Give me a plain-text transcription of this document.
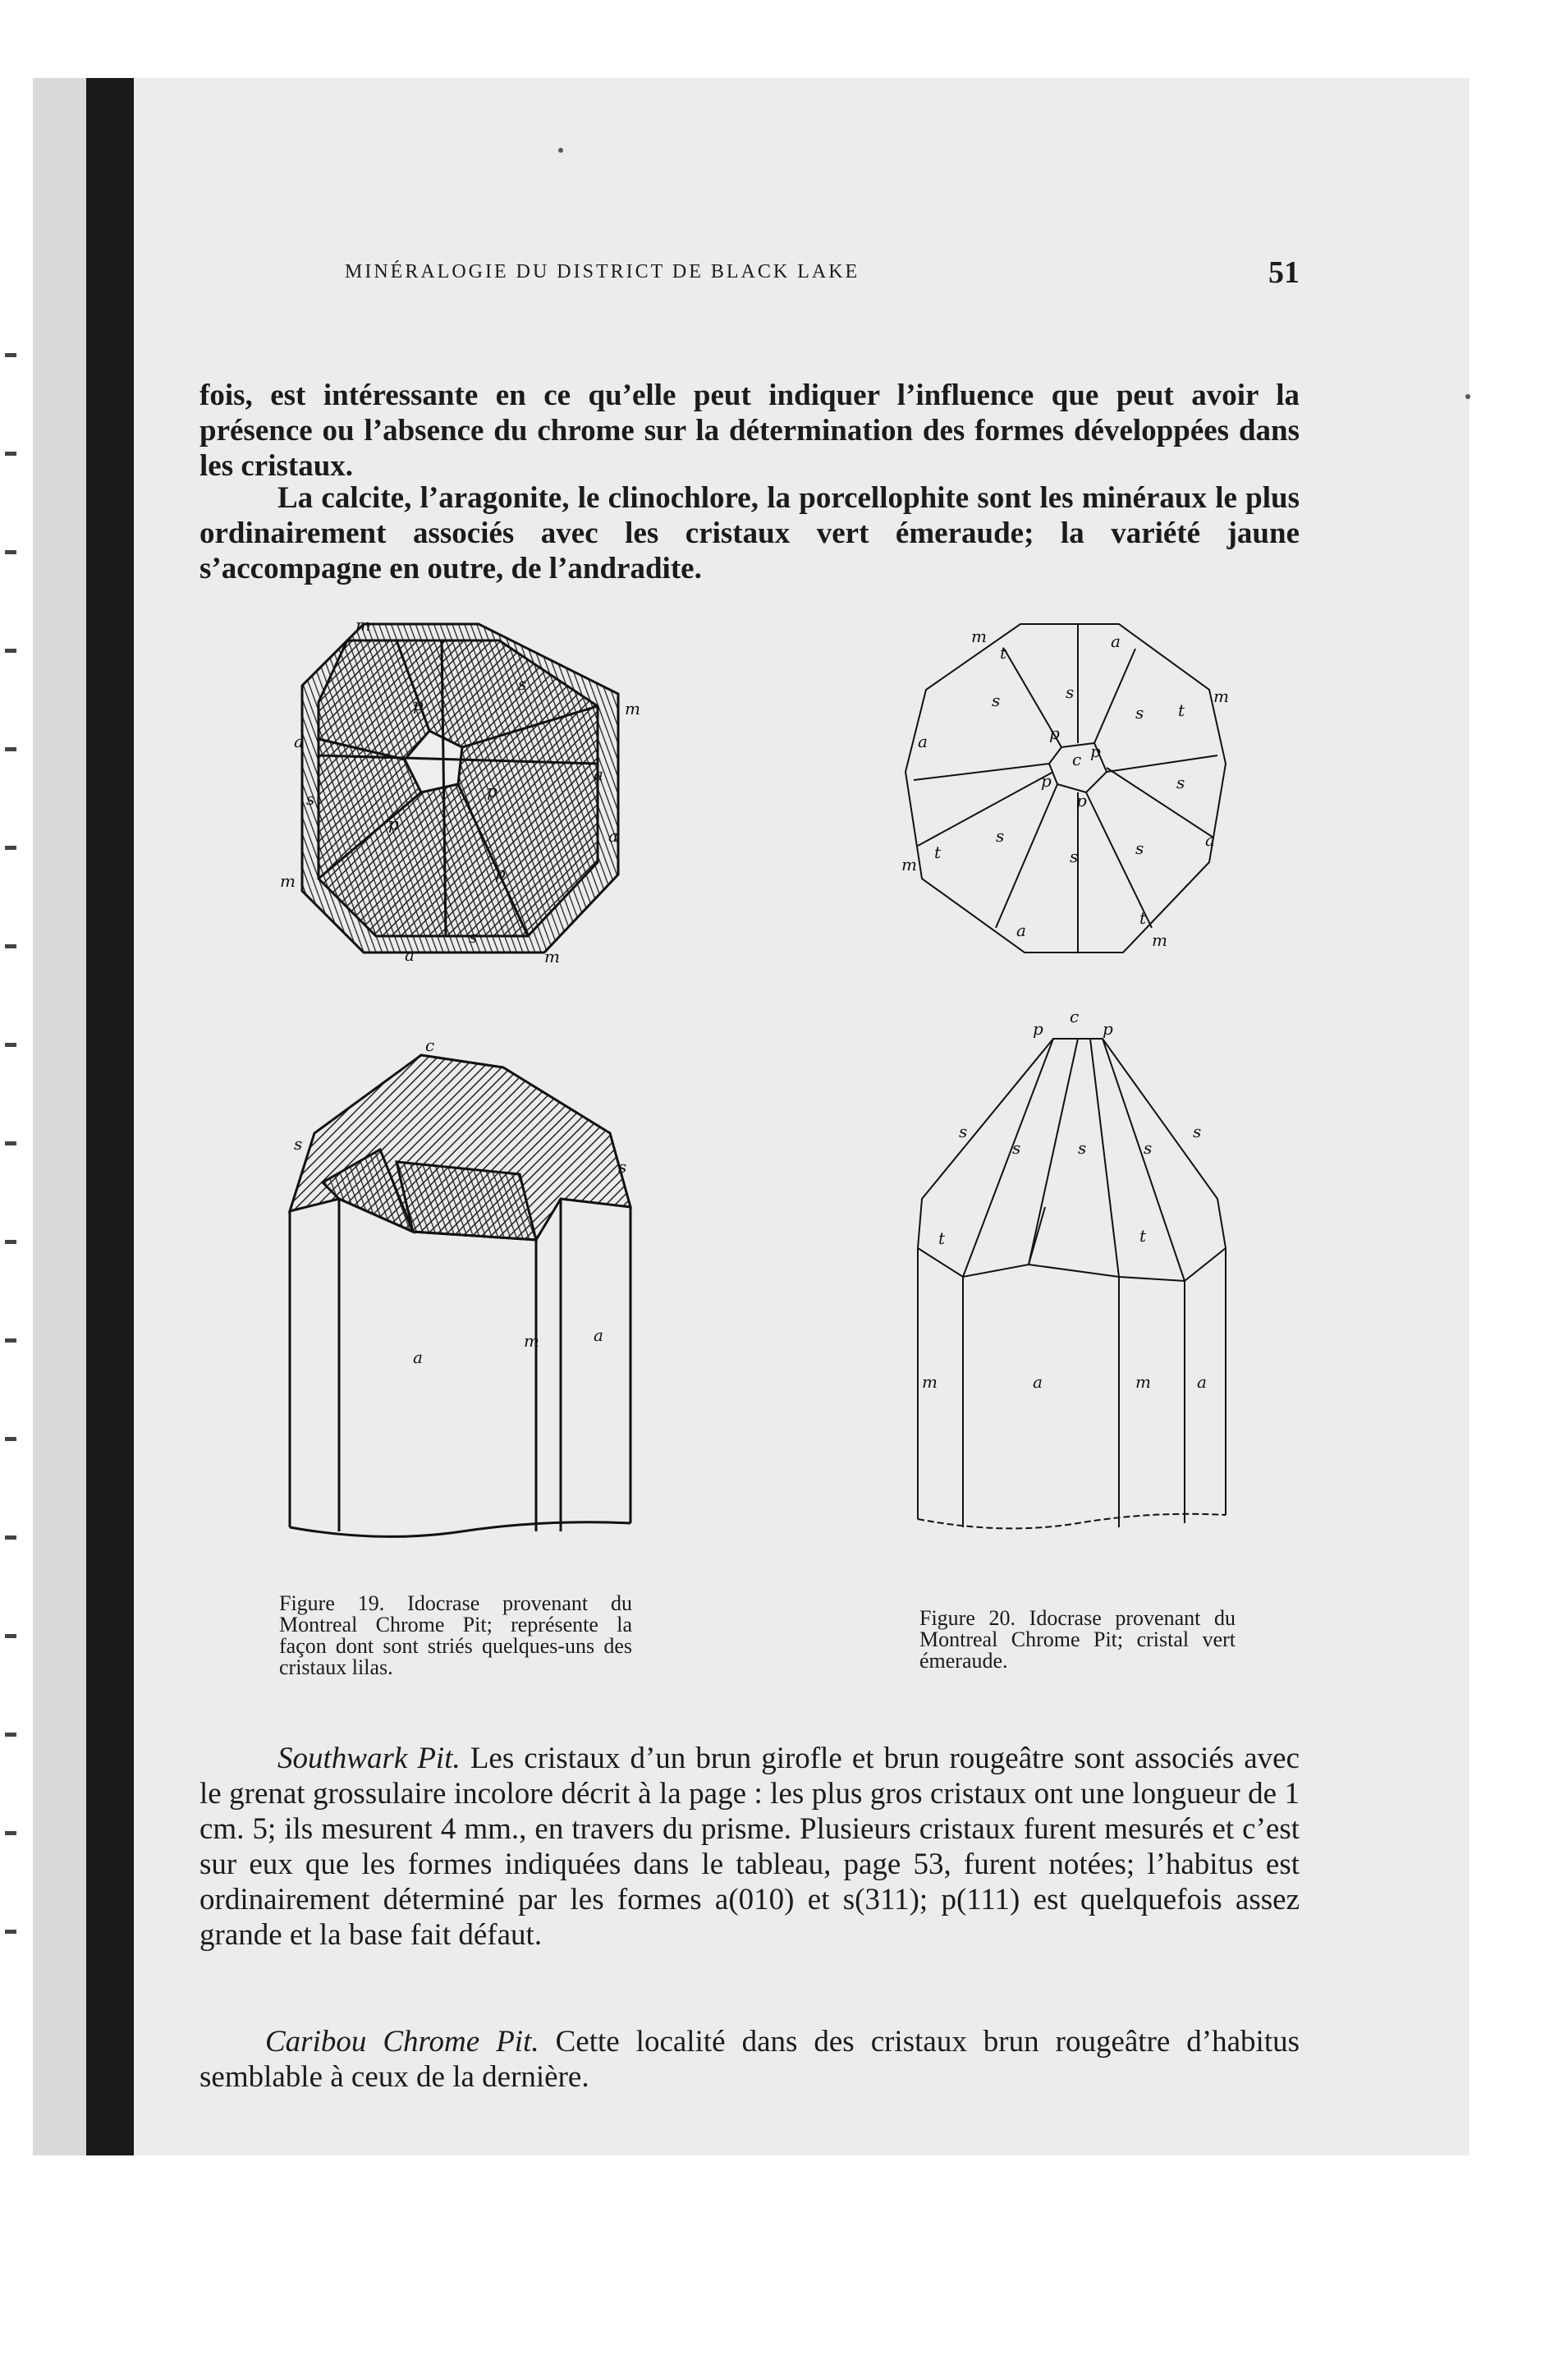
MINÉRALOGIE DU DISTRICT DE BLACK LAKE	51
fois, est intéressante en ce qu’elle peut indiquer l’influence que peut avoir la présence ou l’absence du chrome sur la détermination des formes développées dans les cristaux.
La calcite, l’aragonite, le clinochlore, la porcellophite sont les minéraux le plus ordinairement associés avec les cristaux vert émeraude; la variété jaune s’accompagne en outre, de l’andradite.
m
m
a
a
s
s
p
p
p
p
m
m
a
s
a
m
t
a
s	s
t
m
a
s
p
c p
s
p
p
a
m
t
s
s	s
a
t
m
c
s
s
a
m	a
p
c
p
s
s	s	s
s
t	t
m	a	m	a
Figure 19. Idocrase provenant du Montreal Chrome Pit; représente la façon dont sont striés quelques-uns des cristaux lilas.
Figure 20. Idocrase provenant du Montreal Chrome Pit; cristal vert émeraude.
Southwark Pit. Les cristaux d’un brun girofle et brun rougeâtre sont associés avec le grenat grossulaire incolore décrit à la page : les plus gros cristaux ont une longueur de 1 cm. 5; ils mesurent 4 mm., en travers du prisme. Plusieurs cristaux furent mesurés et c’est sur eux que les formes indiquées dans le tableau, page 53, furent notées; l’habitus est ordinairement déterminé par les formes a(010) et s(311); p(111) est quelquefois assez grande et la base fait défaut.
Caribou Chrome Pit. Cette localité dans des cristaux brun rougeâtre d’habitus semblable à ceux de la dernière.
